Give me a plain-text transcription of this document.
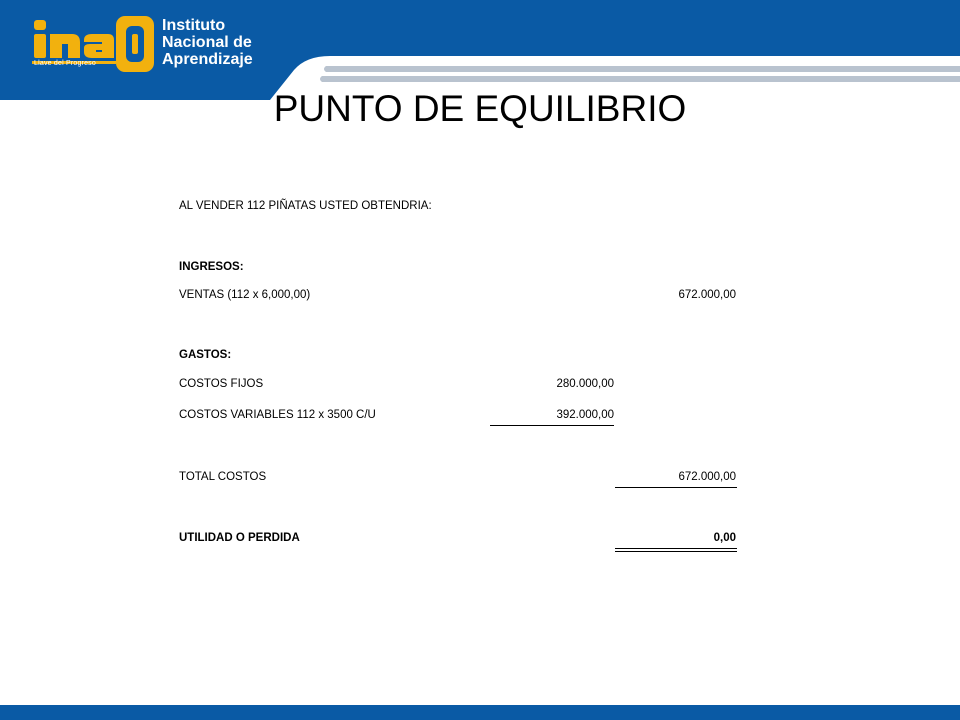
Llave del Progreso
Instituto
Nacional de
Aprendizaje
PUNTO DE EQUILIBRIO
AL VENDER 112 PIÑATAS USTED OBTENDRIA:
INGRESOS:
VENTAS (112 x 6,000,00)	672.000,00
GASTOS:
COSTOS FIJOS	280.000,00
COSTOS VARIABLES 112 x 3500 C/U	392.000,00
TOTAL COSTOS	672.000,00
UTILIDAD O PERDIDA	0,00
